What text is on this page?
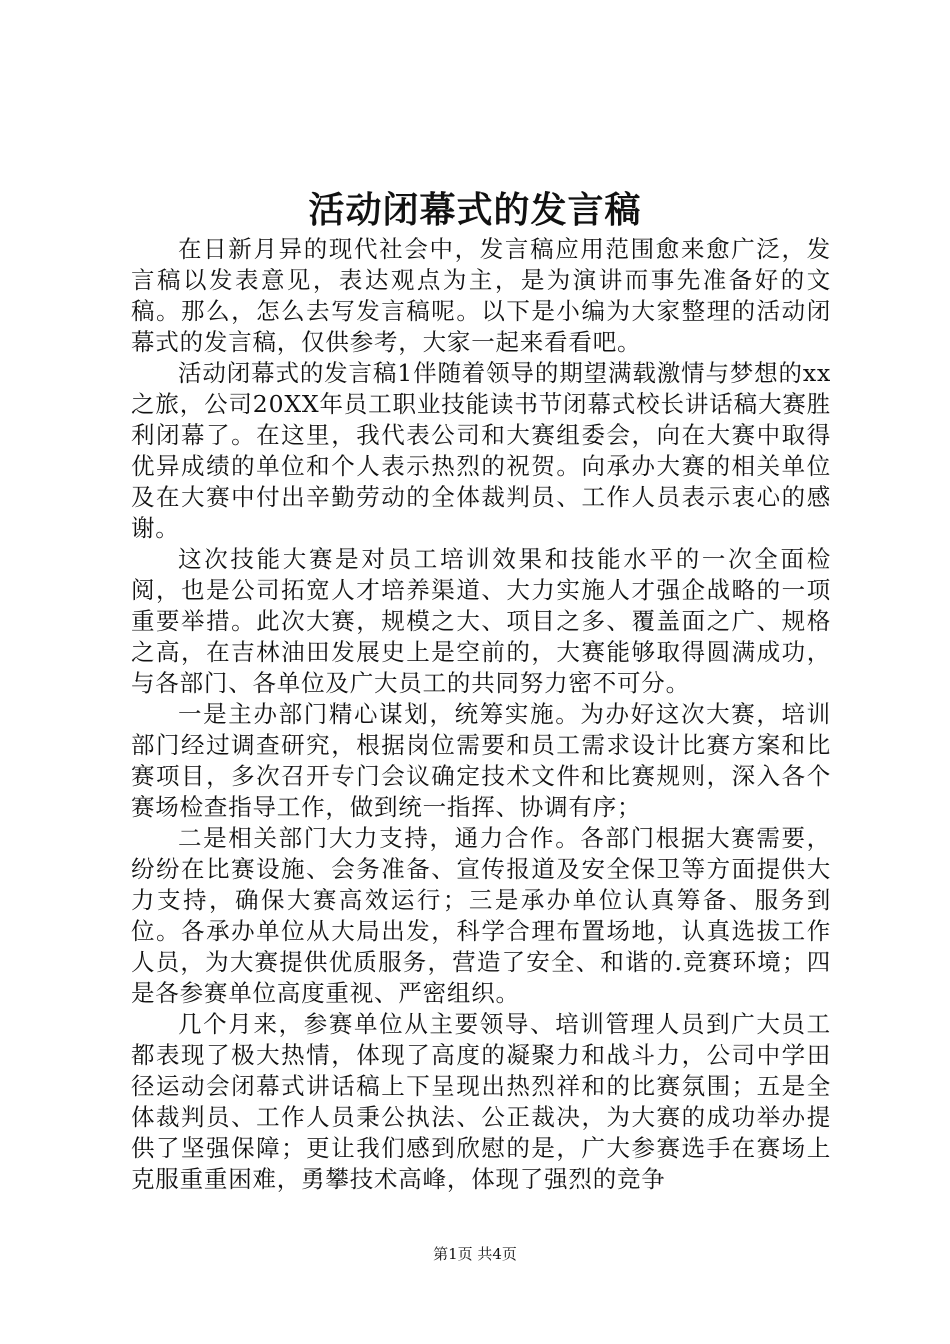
活动闭幕式的发言稿

在日新月异的现代社会中，发言稿应用范围愈来愈广泛，发言稿以发表意见，表达观点为主，是为演讲而事先准备好的文稿。那么，怎么去写发言稿呢。以下是小编为大家整理的活动闭幕式的发言稿，仅供参考，大家一起来看看吧。

活动闭幕式的发言稿1伴随着领导的期望满载激情与梦想的xx之旅，公司20XX年员工职业技能读书节闭幕式校长讲话稿大赛胜利闭幕了。在这里，我代表公司和大赛组委会，向在大赛中取得优异成绩的单位和个人表示热烈的祝贺。向承办大赛的相关单位及在大赛中付出辛勤劳动的全体裁判员、工作人员表示衷心的感谢。

这次技能大赛是对员工培训效果和技能水平的一次全面检阅，也是公司拓宽人才培养渠道、大力实施人才强企战略的一项重要举措。此次大赛，规模之大、项目之多、覆盖面之广、规格之高，在吉林油田发展史上是空前的，大赛能够取得圆满成功，与各部门、各单位及广大员工的共同努力密不可分。

一是主办部门精心谋划，统筹实施。为办好这次大赛，培训部门经过调查研究，根据岗位需要和员工需求设计比赛方案和比赛项目，多次召开专门会议确定技术文件和比赛规则，深入各个赛场检查指导工作，做到统一指挥、协调有序；

二是相关部门大力支持，通力合作。各部门根据大赛需要，纷纷在比赛设施、会务准备、宣传报道及安全保卫等方面提供大力支持，确保大赛高效运行；三是承办单位认真筹备、服务到位。各承办单位从大局出发，科学合理布置场地，认真选拔工作人员，为大赛提供优质服务，营造了安全、和谐的.竞赛环境；四是各参赛单位高度重视、严密组织。

几个月来，参赛单位从主要领导、培训管理人员到广大员工都表现了极大热情，体现了高度的凝聚力和战斗力，公司中学田径运动会闭幕式讲话稿上下呈现出热烈祥和的比赛氛围；五是全体裁判员、工作人员秉公执法、公正裁决，为大赛的成功举办提供了坚强保障；更让我们感到欣慰的是，广大参赛选手在赛场上克服重重困难，勇攀技术高峰，体现了强烈的竞争

第1页 共4页
